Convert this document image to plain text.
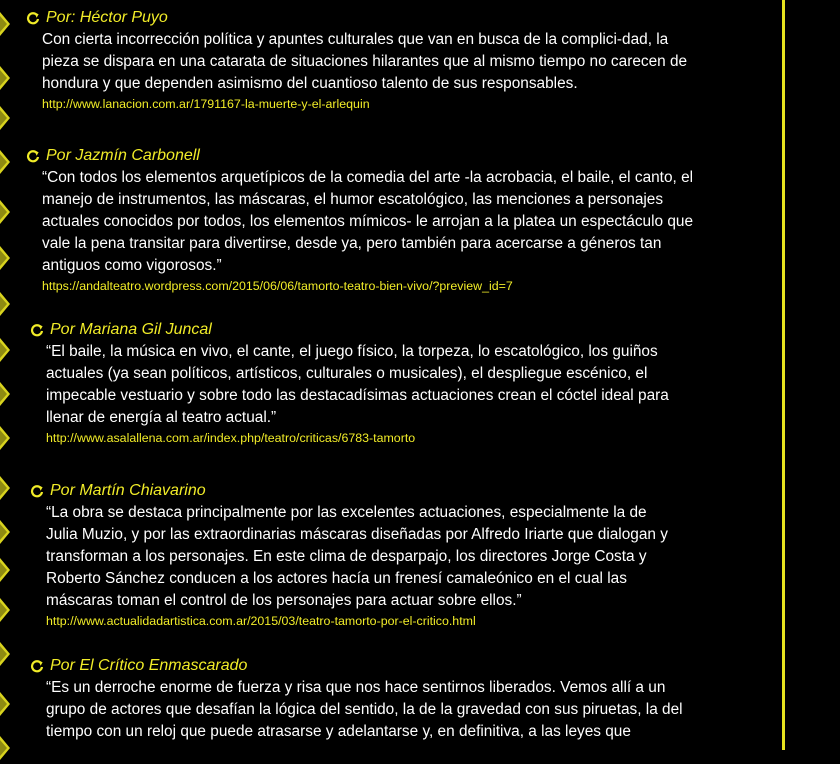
Por: Héctor Puyo
Con cierta incorrección política y apuntes culturales que van en busca de la complici-dad, la
pieza se dispara en una catarata de situaciones hilarantes que al mismo tiempo no carecen de
hondura y que dependen asimismo del cuantioso talento de sus responsables.
http://www.lanacion.com.ar/1791167-la-muerte-y-el-arlequin
Por Jazmín Carbonell
“Con todos los elementos arquetípicos de la comedia del arte -la acrobacia, el baile, el canto, el
manejo de instrumentos, las máscaras, el humor escatológico, las menciones a personajes
actuales conocidos por todos, los elementos mímicos- le arrojan a la platea un espectáculo que
vale la pena transitar para divertirse, desde ya, pero también para acercarse a géneros tan
antiguos como vigorosos.”
https://andalteatro.wordpress.com/2015/06/06/tamorto-teatro-bien-vivo/?preview_id=7
Por Mariana Gil Juncal
“El baile, la música en vivo, el cante, el juego físico, la torpeza, lo escatológico, los guiños
actuales (ya sean políticos, artísticos, culturales o musicales), el despliegue escénico, el
impecable vestuario y sobre todo las destacadísimas actuaciones crean el cóctel ideal para
llenar de energía al teatro actual.”
http://www.asalallena.com.ar/index.php/teatro/criticas/6783-tamorto
Por Martín Chiavarino
“La obra se destaca principalmente por las excelentes actuaciones, especialmente la de
Julia Muzio, y por las extraordinarias máscaras diseñadas por Alfredo Iriarte que dialogan y
transforman a los personajes. En este clima de desparpajo, los directores Jorge Costa y
Roberto Sánchez conducen a los actores hacía un frenesí camaleónico en el cual las
máscaras toman el control de los personajes para actuar sobre ellos.”
http://www.actualidadartistica.com.ar/2015/03/teatro-tamorto-por-el-critico.html
Por El Crítico Enmascarado
“Es un derroche enorme de fuerza y risa que nos hace sentirnos liberados. Vemos allí a un
grupo de actores que desafían la lógica del sentido, la de la gravedad con sus piruetas, la del
tiempo con un reloj que puede atrasarse y adelantarse y, en definitiva, a las leyes que
